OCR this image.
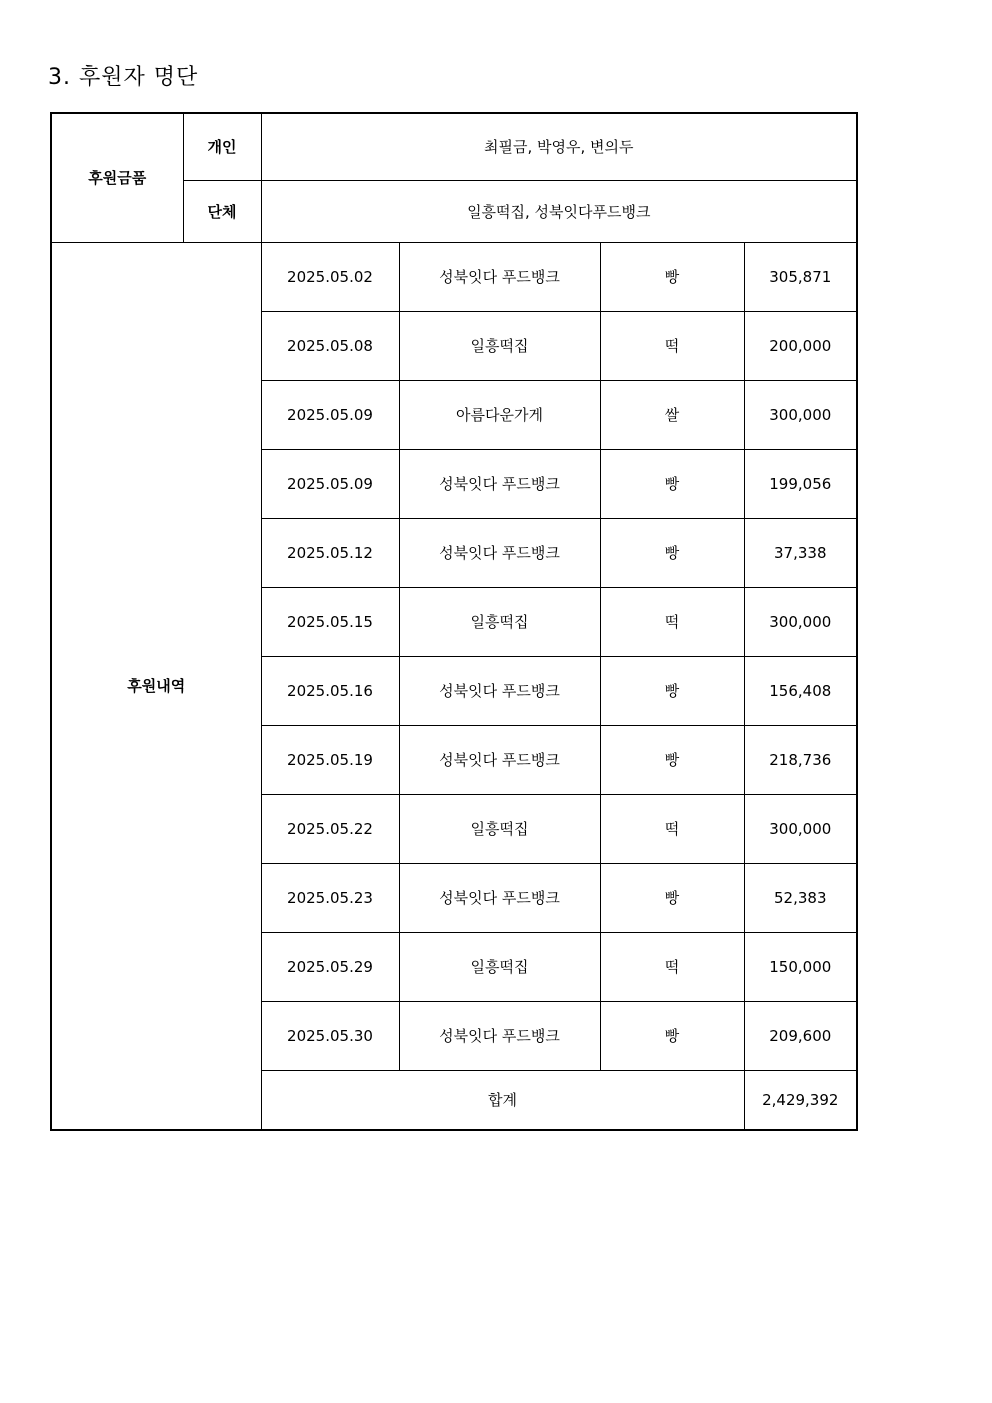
3. 후원자 명단
후원금품	개인	최필금, 박영우, 변의두			
	단체	일흥떡집, 성북잇다푸드뱅크			
후원내역		2025.05.02	성북잇다 푸드뱅크	빵	305,871
		2025.05.08	일흥떡집	떡	200,000
		2025.05.09	아름다운가게	쌀	300,000
		2025.05.09	성북잇다 푸드뱅크	빵	199,056
		2025.05.12	성북잇다 푸드뱅크	빵	37,338
		2025.05.15	일흥떡집	떡	300,000
		2025.05.16	성북잇다 푸드뱅크	빵	156,408
		2025.05.19	성북잇다 푸드뱅크	빵	218,736
		2025.05.22	일흥떡집	떡	300,000
		2025.05.23	성북잇다 푸드뱅크	빵	52,383
		2025.05.29	일흥떡집	떡	150,000
		2025.05.30	성북잇다 푸드뱅크	빵	209,600
		합계			2,429,392
